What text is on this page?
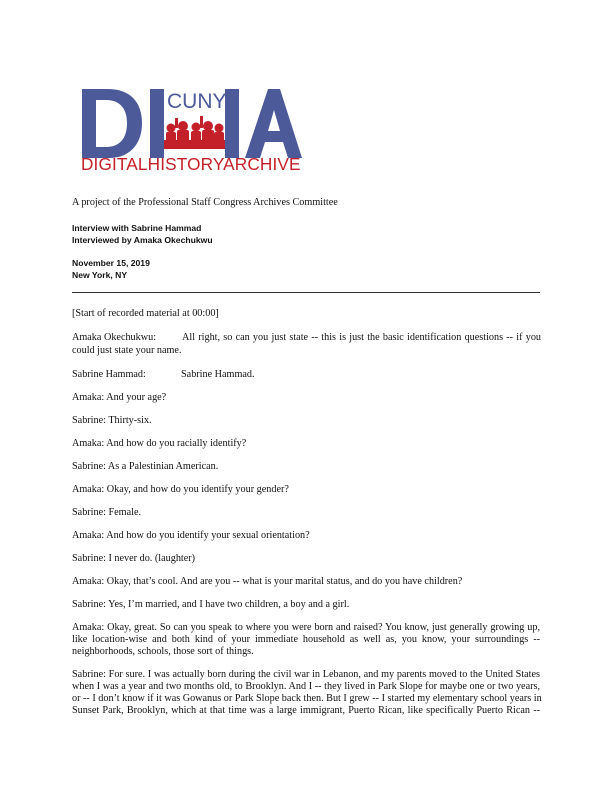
CUNY
DIGITALHISTORYARCHIVE
A project of the Professional Staff Congress Archives Committee
Interview with Sabrine Hammad
Interviewed by Amaka Okechukwu
November 15, 2019
New York, NY
[Start of recorded material at 00:00]
Amaka Okechukwu:	All right, so can you just state -- this is just the basic identification questions -- if you
could just state your name.
Sabrine Hammad:	Sabrine Hammad.
Amaka: And your age?
Sabrine: Thirty-six.
Amaka: And how do you racially identify?
Sabrine: As a Palestinian American.
Amaka: Okay, and how do you identify your gender?
Sabrine: Female.
Amaka: And how do you identify your sexual orientation?
Sabrine: I never do. (laughter)
Amaka: Okay, that’s cool. And are you -- what is your marital status, and do you have children?
Sabrine: Yes, I’m married, and I have two children, a boy and a girl.
Amaka: Okay, great. So can you speak to where you were born and raised? You know, just generally growing up,
like location-wise and both kind of your immediate household as well as, you know, your surroundings --
neighborhoods, schools, those sort of things.
Sabrine: For sure. I was actually born during the civil war in Lebanon, and my parents moved to the United States
when I was a year and two months old, to Brooklyn. And I -- they lived in Park Slope for maybe one or two years,
or -- I don’t know if it was Gowanus or Park Slope back then. But I grew -- I started my elementary school years in
Sunset Park, Brooklyn, which at that time was a large immigrant, Puerto Rican, like specifically Puerto Rican --
